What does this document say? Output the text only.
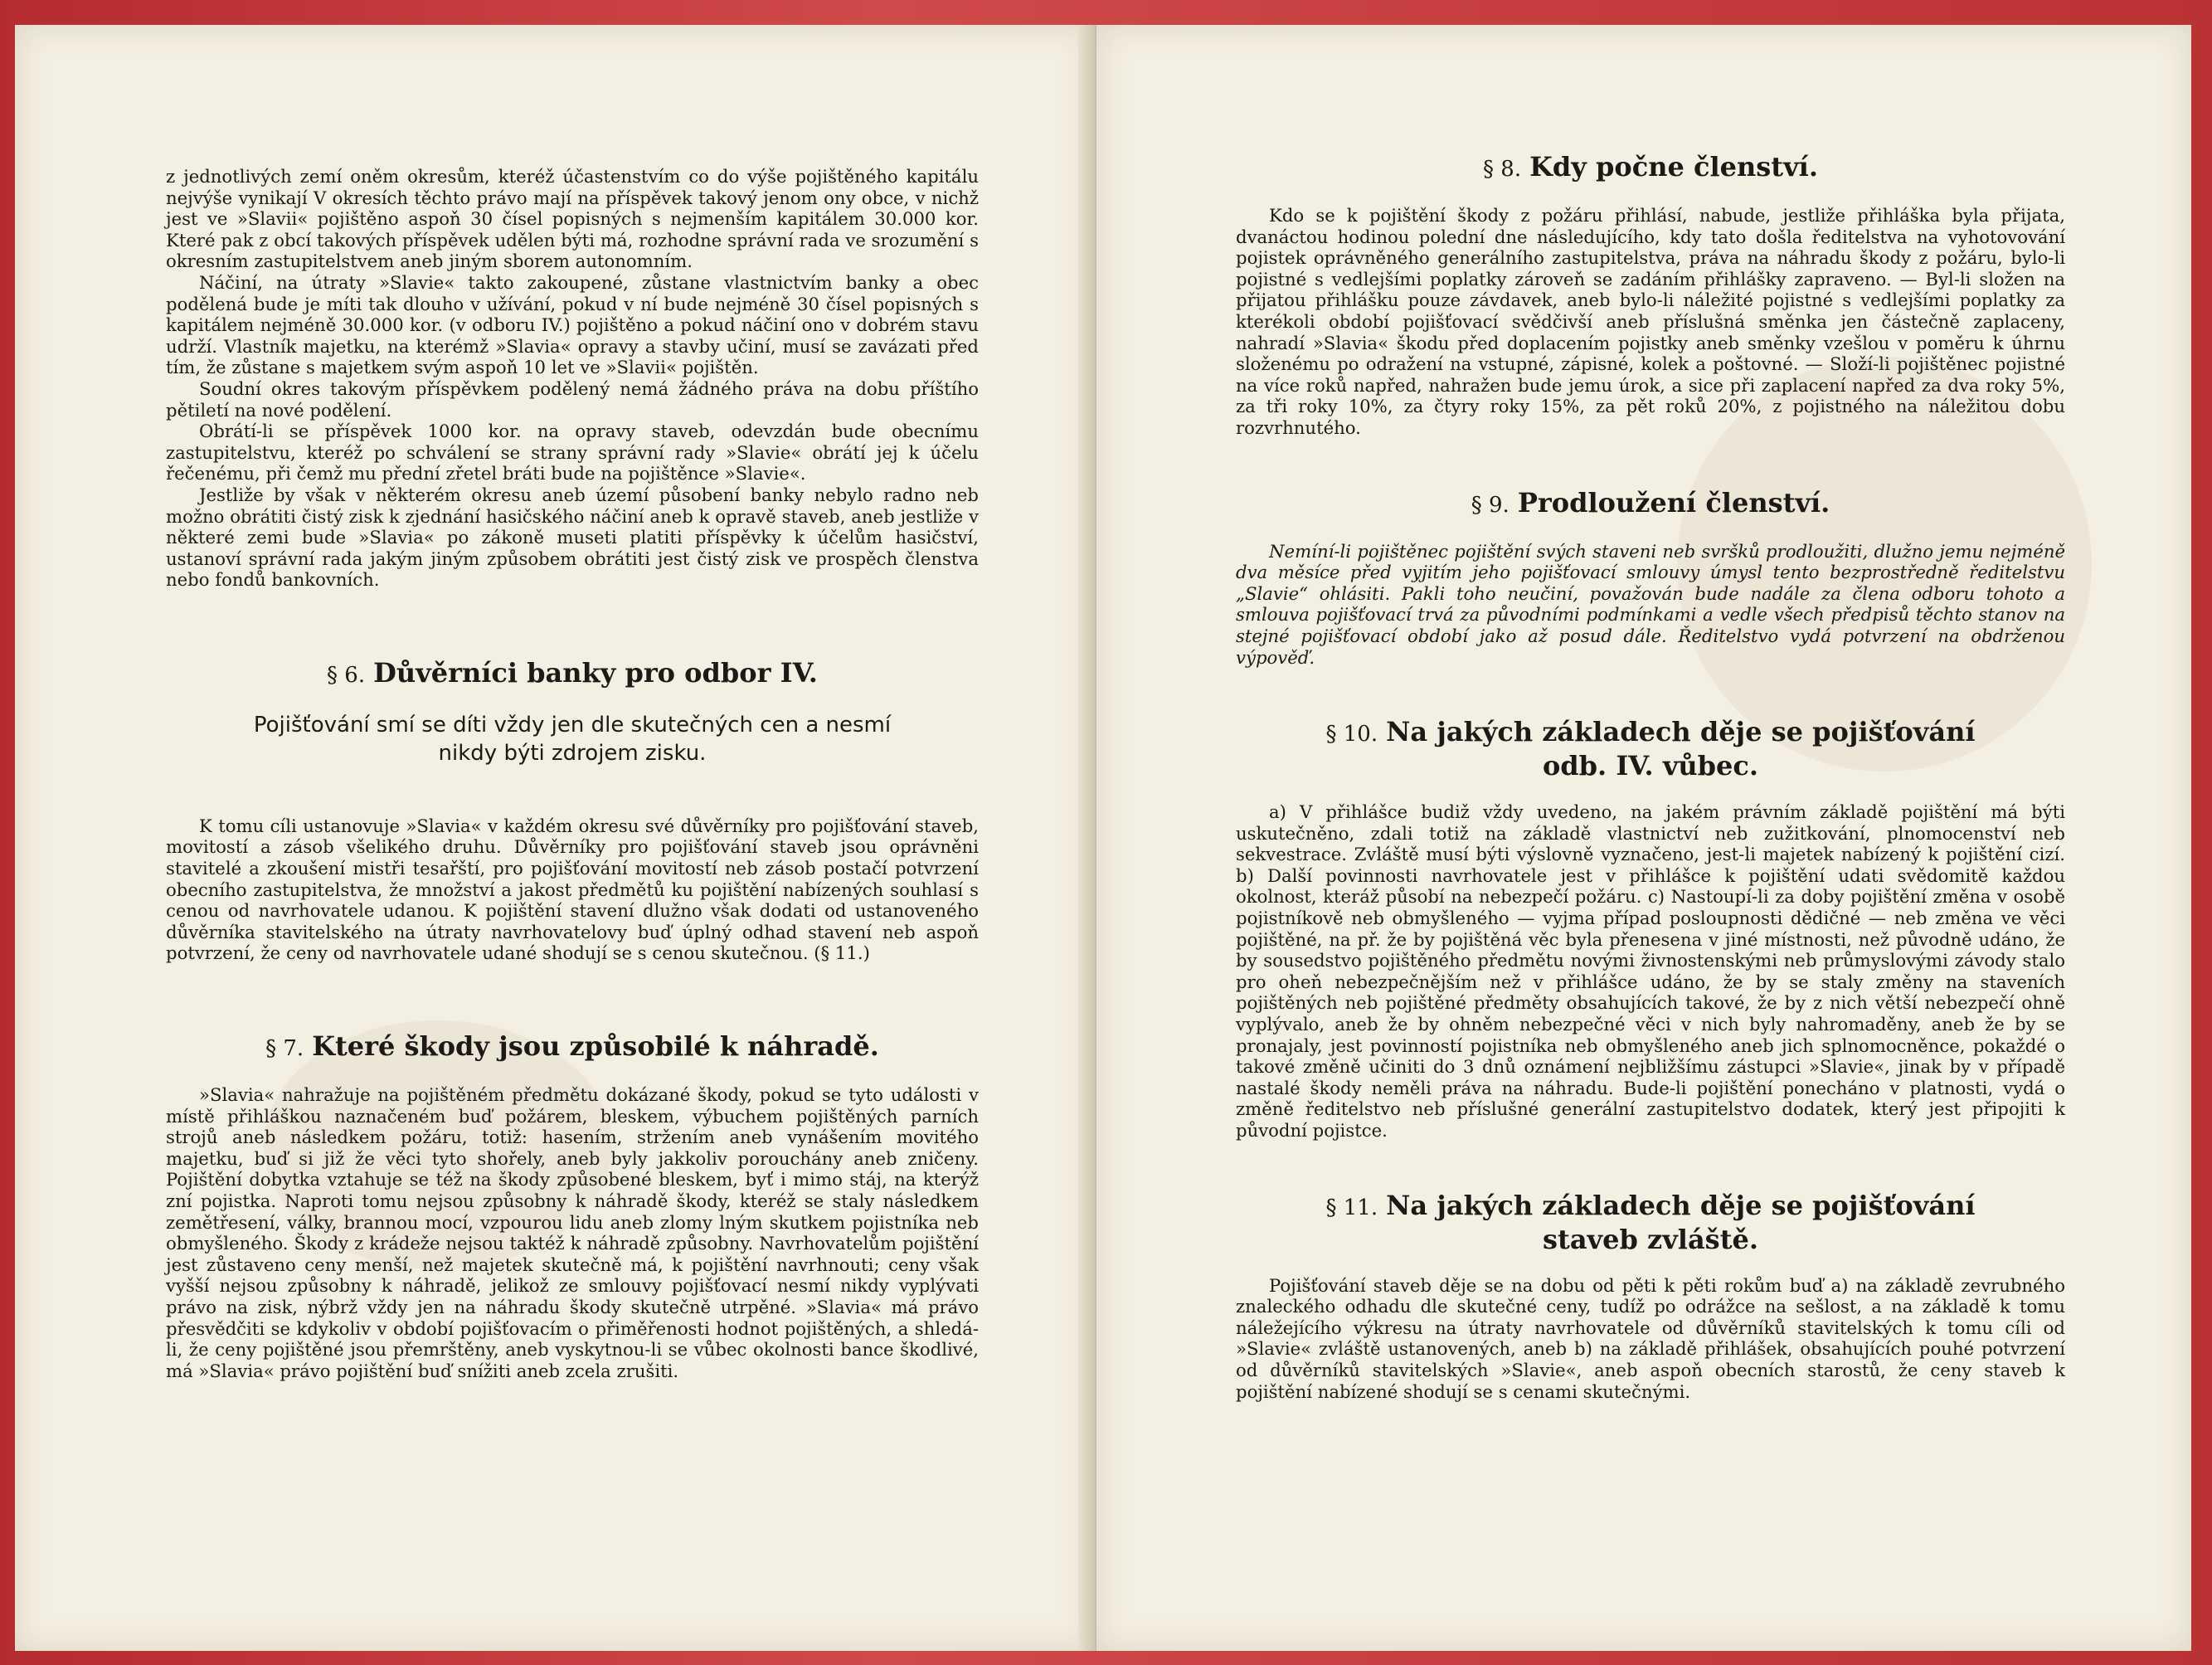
z jednotlivých zemí oněm okresům, kteréž účastenstvím co do výše pojištěného kapitálu nejvýše vynikají V okresích těchto právo mají na příspěvek takový jenom ony obce, v nichž jest ve »Slavii« pojištěno aspoň 30 čísel popisných s nejmenším kapitálem 30.000 kor. Které pak z obcí takových příspěvek udělen býti má, rozhodne správní rada ve srozumění s okresním zastupitelstvem aneb jiným sborem autonomním.

Náčiní, na útraty »Slavie« takto zakoupené, zůstane vlastnictvím banky a obec podělená bude je míti tak dlouho v užívání, pokud v ní bude nejméně 30 čísel popisných s kapitálem nejméně 30.000 kor. (v odboru IV.) pojištěno a pokud náčiní ono v dobrém stavu udrží. Vlastník majetku, na kterémž »Slavia« opravy a stavby učiní, musí se zavázati před tím, že zůstane s majetkem svým aspoň 10 let ve »Slavii« pojištěn.

Soudní okres takovým příspěvkem podělený nemá žádného práva na dobu příštího pětiletí na nové podělení.

Obrátí-li se příspěvek 1000 kor. na opravy staveb, odevzdán bude obecnímu zastupitelstvu, kteréž po schválení se strany správní rady »Slavie« obrátí jej k účelu řečenému, při čemž mu přední zřetel bráti bude na pojištěnce »Slavie«.

Jestliže by však v některém okresu aneb území působení banky nebylo radno neb možno obrátiti čistý zisk k zjednání hasičského náčiní aneb k opravě staveb, aneb jestliže v některé zemi bude »Slavia« po zákoně museti platiti příspěvky k účelům hasičství, ustanoví správní rada jakým jiným způsobem obrátiti jest čistý zisk ve prospěch členstva nebo fondů bankovních.

§ 6. Důvěrníci banky pro odbor IV.
Pojišťování smí se díti vždy jen dle skutečných cen a nesmí
nikdy býti zdrojem zisku.

K tomu cíli ustanovuje »Slavia« v každém okresu své důvěrníky pro pojišťování staveb, movitostí a zásob všelikého druhu. Důvěrníky pro pojišťování staveb jsou oprávněni stavitelé a zkoušení mistři tesařští, pro pojišťování movitostí neb zásob postačí potvrzení obecního zastupitelstva, že množství a jakost předmětů ku pojištění nabízených souhlasí s cenou od navrhovatele udanou. K pojištění stavení dlužno však dodati od ustanoveného důvěrníka stavitelského na útraty navrhovatelovy buď úplný odhad stavení neb aspoň potvrzení, že ceny od navrhovatele udané shodují se s cenou skutečnou. (§ 11.)

§ 7. Které škody jsou způsobilé k náhradě.

»Slavia« nahražuje na pojištěném předmětu dokázané škody, pokud se tyto události v místě přihláškou naznačeném buď požárem, bleskem, výbuchem pojištěných parních strojů aneb následkem požáru, totiž: hasením, stržením aneb vynášením movitého majetku, buď si již že věci tyto shořely, aneb byly jakkoliv porouchány aneb zničeny. Pojištění dobytka vztahuje se též na škody způsobené bleskem, byť i mimo stáj, na kterýž zní pojistka. Naproti tomu nejsou způsobny k náhradě škody, kteréž se staly následkem zemětřesení, války, brannou mocí, vzpourou lidu aneb zlomy lným skutkem pojistníka neb obmyšleného. Škody z krádeže nejsou taktéž k náhradě způsobny. Navrhovatelům pojištění jest zůstaveno ceny menší, než majetek skutečně má, k pojištění navrhnouti; ceny však vyšší nejsou způsobny k náhradě, jelikož ze smlouvy pojišťovací nesmí nikdy vyplývati právo na zisk, nýbrž vždy jen na náhradu škody skutečně utrpěné. »Slavia« má právo přesvědčiti se kdykoliv v období pojišťovacím o přiměřenosti hodnot pojištěných, a shledá-li, že ceny pojištěné jsou přemrštěny, aneb vyskytnou-li se vůbec okolnosti bance škodlivé, má »Slavia« právo pojištění buď snížiti aneb zcela zrušiti.

§ 8. Kdy počne členství.

Kdo se k pojištění škody z požáru přihlásí, nabude, jestliže přihláška byla přijata, dvanáctou hodinou polední dne následujícího, kdy tato došla ředitelstva na vyhotovování pojistek oprávněného generálního zastupitelstva, práva na náhradu škody z požáru, bylo-li pojistné s vedlejšími poplatky zároveň se zadáním přihlášky zapraveno. — Byl-li složen na přijatou přihlášku pouze závdavek, aneb bylo-li náležité pojistné s vedlejšími poplatky za kterékoli období pojišťovací svědčivší aneb příslušná směnka jen částečně zaplaceny, nahradí »Slavia« škodu před doplacením pojistky aneb směnky vzešlou v poměru k úhrnu složenému po odražení na vstupné, zápisné, kolek a poštovné. — Složí-li pojištěnec pojistné na více roků napřed, nahražen bude jemu úrok, a sice při zaplacení napřed za dva roky 5%, za tři roky 10%, za čtyry roky 15%, za pět roků 20%, z pojistného na náležitou dobu rozvrhnutého.

§ 9. Prodloužení členství.

Nemíní-li pojištěnec pojištění svých staveni neb svršků prodloužiti, dlužno jemu nejméně dva měsíce před vyjitím jeho pojišťovací smlouvy úmysl tento bezprostředně ředitelstvu „Slavie“ ohlásiti. Pakli toho neučiní, považován bude nadále za člena odboru tohoto a smlouva pojišťovací trvá za původními podmínkami a vedle všech předpisů těchto stanov na stejné pojišťovací období jako až posud dále. Ředitelstvo vydá potvrzení na obdrženou výpověď.

§ 10. Na jakých základech děje se pojišťování
odb. IV. vůbec.

a) V přihlášce budiž vždy uvedeno, na jakém právním základě pojištění má býti uskutečněno, zdali totiž na základě vlastnictví neb zužitkování, plnomocenství neb sekvestrace. Zvláště musí býti výslovně vyznačeno, jest-li majetek nabízený k pojištění cizí. b) Další povinnosti navrhovatele jest v přihlášce k pojištění udati svědomitě každou okolnost, kteráž působí na nebezpečí požáru. c) Nastoupí-li za doby pojištění změna v osobě pojistníkově neb obmyšleného — vyjma případ posloupnosti dědičné — neb změna ve věci pojištěné, na př. že by pojištěná věc byla přenesena v jiné místnosti, než původně udáno, že by sousedstvo pojištěného předmětu novými živnostenskými neb průmyslovými závody stalo pro oheň nebezpečnějším než v přihlášce udáno, že by se staly změny na staveních pojištěných neb pojištěné předměty obsahujících takové, že by z nich větší nebezpečí ohně vyplývalo, aneb že by ohněm nebezpečné věci v nich byly nahromaděny, aneb že by se pronajaly, jest povinností pojistníka neb obmyšleného aneb jich splnomocněnce, pokaždé o takové změně učiniti do 3 dnů oznámení nejbližšímu zástupci »Slavie«, jinak by v případě nastalé škody neměli práva na náhradu. Bude-li pojištění ponecháno v platnosti, vydá o změně ředitelstvo neb příslušné generální zastupitelstvo dodatek, který jest připojiti k původní pojistce.

§ 11. Na jakých základech děje se pojišťování
staveb zvláště.

Pojišťování staveb děje se na dobu od pěti k pěti rokům buď a) na základě zevrubného znaleckého odhadu dle skutečné ceny, tudíž po odrážce na sešlost, a na základě k tomu náležejícího výkresu na útraty navrhovatele od důvěrníků stavitelských k tomu cíli od »Slavie« zvláště ustanovených, aneb b) na základě přihlášek, obsahujících pouhé potvrzení od důvěrníků stavitelských »Slavie«, aneb aspoň obecních starostů, že ceny staveb k pojištění nabízené shodují se s cenami skutečnými.
